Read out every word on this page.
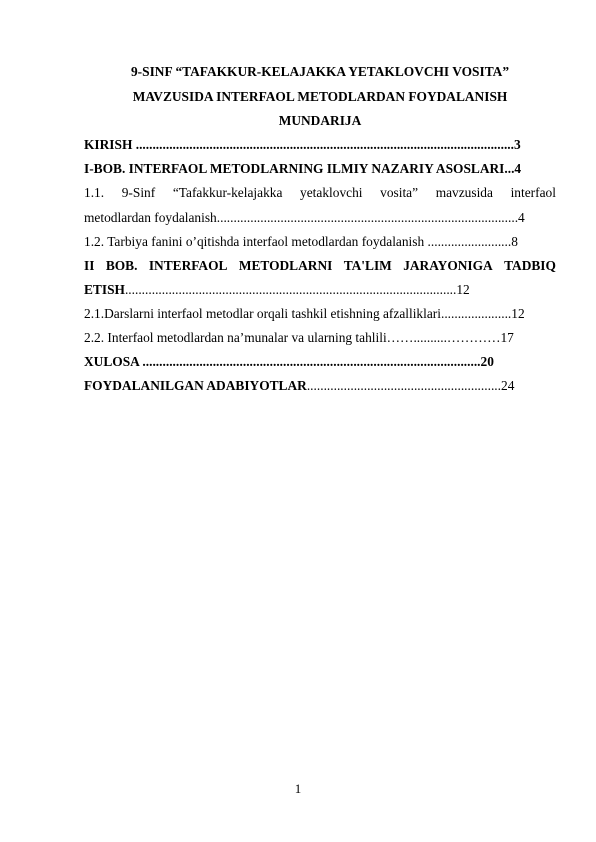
9-SINF “TAFAKKUR-KELAJAKKA YETAKLOVCHI VOSITA”
MAVZUSIDA INTERFAOL METODLARDAN FOYDALANISH
MUNDARIJA
KIRISH .................................................................................................................3
I-BOB. INTERFAOL METODLARNING ILMIY NAZARIY ASOSLARI...4
1.1. 9-Sinf “Tafakkur-kelajakka yetaklovchi vosita” mavzusida interfaol
metodlardan foydalanish..........................................................................................4
1.2. Tarbiya fanini o’qitishda interfaol metodlardan foydalanish .........................8
II BOB. INTERFAOL METODLARNI TA'LIM JARAYONIGA TADBIQ
ETISH...................................................................................................12
2.1.Darslarni interfaol metodlar orqali tashkil etishning afzalliklari.....................12
2.2. Interfaol metodlardan na’munalar va ularning tahlili……..........…………17
XULOSA .....................................................................................................20
FOYDALANILGAN ADABIYOTLAR..........................................................24
1
